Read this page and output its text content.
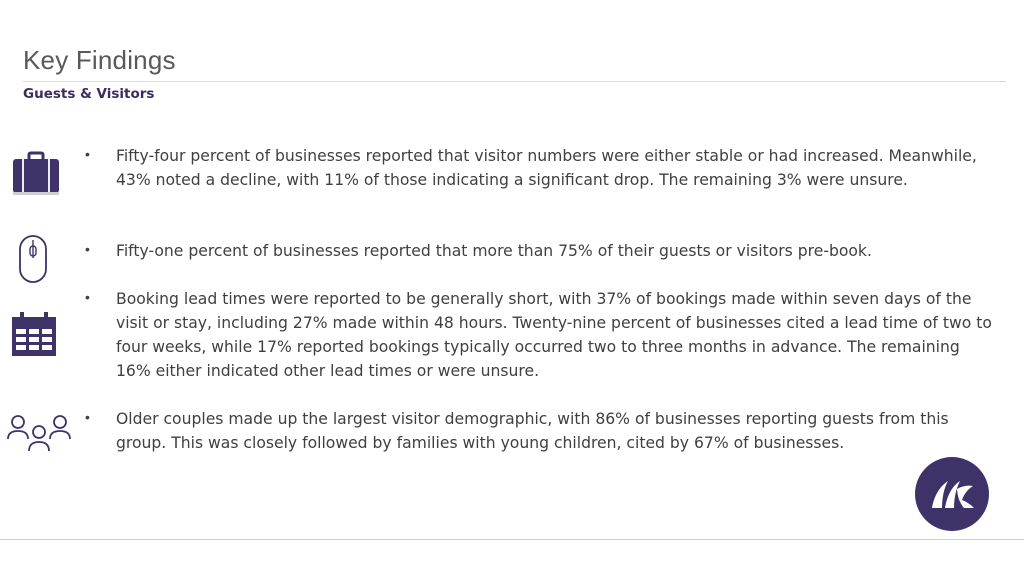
Key Findings
Guests & Visitors
• Fifty-four percent of businesses reported that visitor numbers were either stable or had increased. Meanwhile, 43% noted a decline, with 11% of those indicating a significant drop. The remaining 3% were unsure.
• Fifty-one percent of businesses reported that more than 75% of their guests or visitors pre-book.
• Booking lead times were reported to be generally short, with 37% of bookings made within seven days of the visit or stay, including 27% made within 48 hours. Twenty-nine percent of businesses cited a lead time of two to four weeks, while 17% reported bookings typically occurred two to three months in advance. The remaining 16% either indicated other lead times or were unsure.
• Older couples made up the largest visitor demographic, with 86% of businesses reporting guests from this group. This was closely followed by families with young children, cited by 67% of businesses.
